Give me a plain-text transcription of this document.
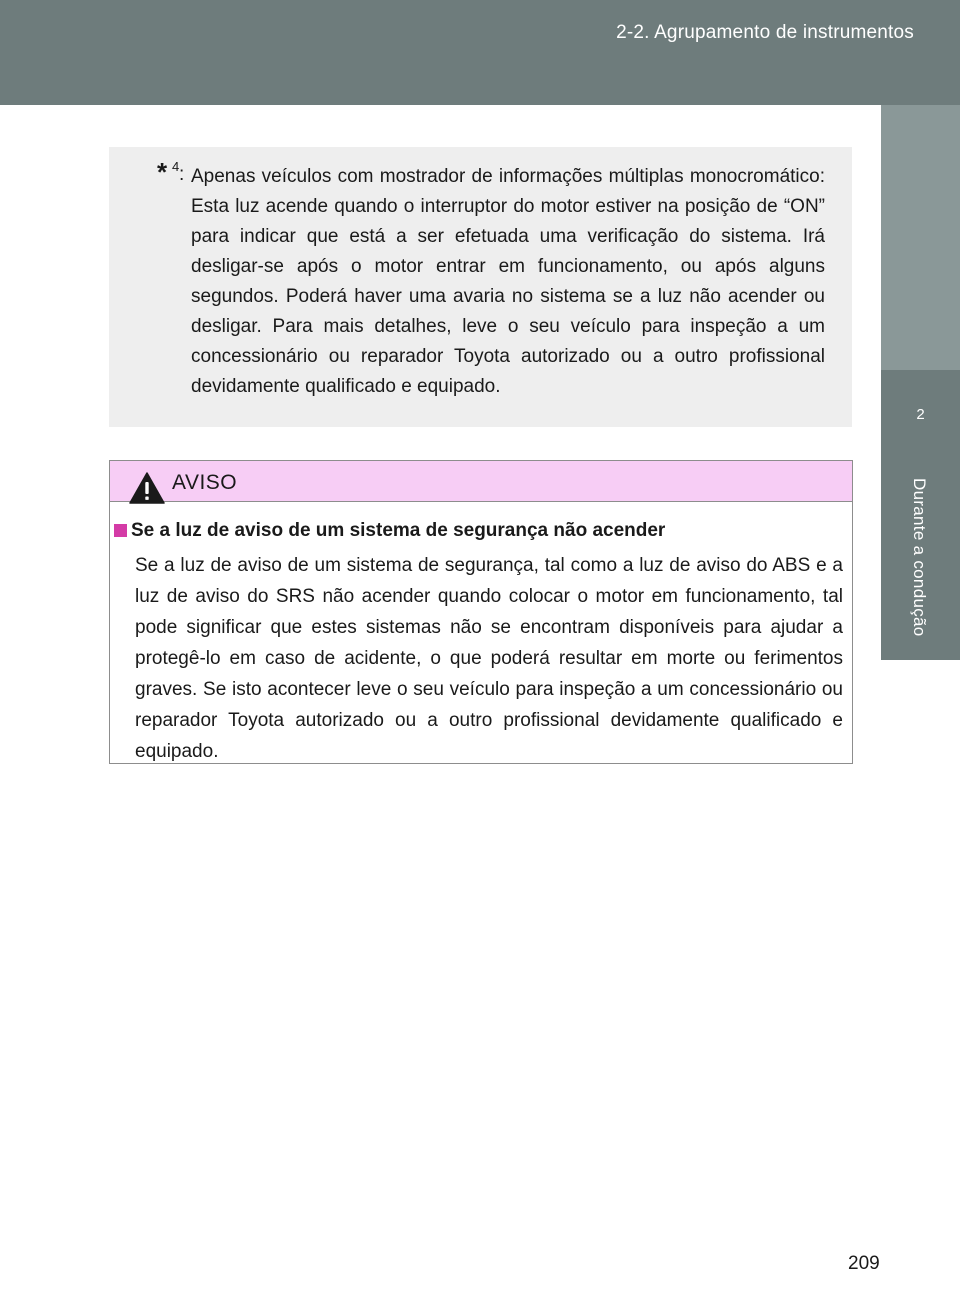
2-2. Agrupamento de instrumentos
2
Durante a condução
* 4 : Apenas veículos com mostrador de informações múltiplas monocromático: Esta luz acende quando o interruptor do motor estiver na posição de “ON” para indicar que está a ser efetuada uma verificação do sistema. Irá desligar-se após o motor entrar em funcionamento, ou após alguns segundos. Poderá haver uma avaria no sistema se a luz não acender ou desligar. Para mais detalhes, leve o seu veículo para inspeção a um concessionário ou reparador Toyota autorizado ou a outro profissional devidamente qualificado e equipado.
AVISO
Se a luz de aviso de um sistema de segurança não acender
Se a luz de aviso de um sistema de segurança, tal como a luz de aviso do ABS e a luz de aviso do SRS não acender quando colocar o motor em funcionamento, tal pode significar que estes sistemas não se encontram disponíveis para ajudar a protegê-lo em caso de acidente, o que poderá resultar em morte ou ferimentos graves. Se isto acontecer leve o seu veículo para inspeção a um concessionário ou reparador Toyota autorizado ou a outro profissional devidamente qualificado e equipado.
209
